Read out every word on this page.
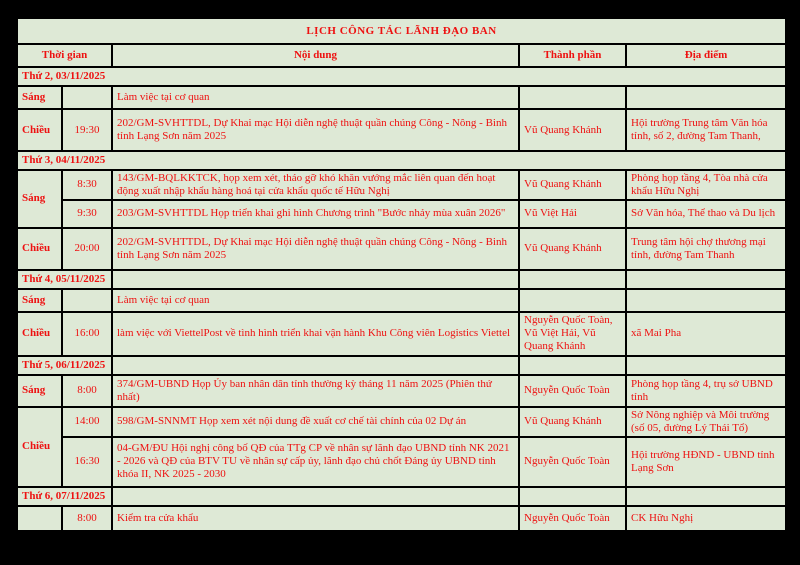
LỊCH CÔNG TÁC LÃNH ĐẠO BAN				
Thời gian		Nội dung	Thành phần	Địa điểm
Thứ 2, 03/11/2025				
Sáng		Làm việc tại cơ quan		
Chiều	19:30	202/GM-SVHTTDL, Dự Khai mạc Hội diễn nghệ thuật quần chúng Công - Nông - Binh tỉnh Lạng Sơn năm 2025	Vũ Quang Khánh	Hội trường Trung tâm Văn hóa tỉnh, số 2, đường Tam Thanh,
Thứ 3, 04/11/2025				
Sáng	8:30	143/GM-BQLKKTCK, họp xem xét, tháo gỡ khó khăn vướng mắc liên quan đến hoạt động xuất nhập khẩu hàng hoá tại cửa khẩu quốc tế Hữu Nghị	Vũ Quang Khánh	Phòng họp tầng 4, Tòa nhà cửa khẩu Hữu Nghị
	9:30	203/GM-SVHTTDL Họp triển khai ghi hình Chương trình "Bước nhảy mùa xuân 2026"	Vũ Việt Hải	Sở Văn hóa, Thể thao và Du lịch
Chiều	20:00	202/GM-SVHTTDL, Dự Khai mạc Hội diễn nghệ thuật quần chúng Công - Nông - Binh tỉnh Lạng Sơn năm 2025	Vũ Quang Khánh	Trung tâm hội chợ thương mại tỉnh, đường Tam Thanh
Thứ 4, 05/11/2025				
Sáng		Làm việc tại cơ quan		
Chiều	16:00	làm việc với ViettelPost về tình hình triển khai vận hành Khu Công viên Logistics Viettel	Nguyễn Quốc Toàn, Vũ Việt Hải, Vũ Quang Khánh	xã Mai Pha
Thứ 5, 06/11/2025				
Sáng	8:00	374/GM-UBND Họp Ủy ban nhân dân tỉnh thường kỳ tháng 11 năm 2025 (Phiên thứ nhất)	Nguyễn Quốc Toàn	Phòng họp tầng 4, trụ sở UBND tỉnh
Chiều	14:00	598/GM-SNNMT Họp xem xét nội dung đề xuất cơ chế tài chính của 02 Dự án	Vũ Quang Khánh	Sở Nông nghiệp và Môi trường (số 05, đường Lý Thái Tổ)
	16:30	04-GM/ĐU Hội nghị công bố QĐ của TTg CP về nhân sự lãnh đạo UBND tỉnh NK 2021 - 2026 và QĐ của BTV TU về nhân sự cấp ủy, lãnh đạo chủ chốt Đảng ủy UBND tỉnh khóa II, NK 2025 - 2030	Nguyễn Quốc Toàn	Hội trường HĐND - UBND tỉnh Lạng Sơn
Thứ 6, 07/11/2025				
	8:00	Kiểm tra cửa khẩu	Nguyễn Quốc Toàn	CK Hữu Nghị
